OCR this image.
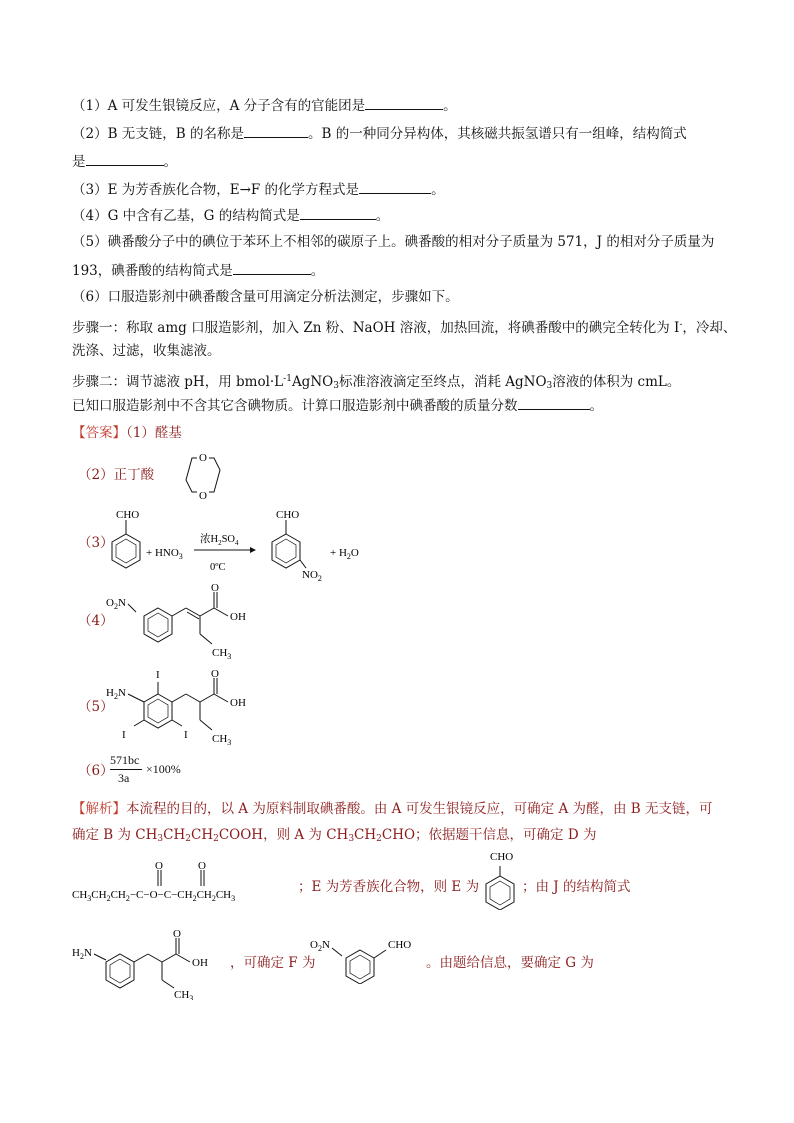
（1）A 可发生银镜反应，A 分子含有的官能团是	。
（2）B 无支链，B 的名称是	。B 的一种同分异构体，其核磁共振氢谱只有一组峰，结构简式
是	。
（3）E 为芳香族化合物，E→F 的化学方程式是	。
（4）G 中含有乙基，G 的结构简式是	。
（5）碘番酸分子中的碘位于苯环上不相邻的碳原子上。碘番酸的相对分子质量为 571，J 的相对分子质量为
193，碘番酸的结构简式是	。
（6）口服造影剂中碘番酸含量可用滴定分析法测定，步骤如下。
步骤一：称取 amg 口服造影剂，加入 Zn 粉、NaOH 溶液，加热回流，将碘番酸中的碘完全转化为 I-，冷却、
洗涤、过滤，收集滤液。
步骤二：调节滤液 pH，用 $bmol\cdot L^{-1}AgNO_3$标准溶液滴定至终点，消耗 AgNO$_3$溶液的体积为 cmL。
已知口服造影剂中不含其它含碘物质。计算口服造影剂中碘番酸的质量分数	。
【答案】（1）醛基
（2）正丁酸
O
O
（3）
CHO
+ $HNO_3$
浓$H_2SO_4$
0ºC
CHO
$NO_2$
+ $H_2O$
（4）
$O_2N$
O
OH
$CH_3$
（5）
I
$H_2N$
I	I
O
OH
$CH_3$
（6）
571bc
3a
×100%
【解析】本流程的目的，以 A 为原料制取碘番酸。由 A 可发生银镜反应，可确定 A 为醛，由 B 无支链，可
确定 B 为 $CH_3CH_2CH_2COOH$，则 A 为 $CH_3CH_2CHO$；依据题干信息，可确定 D 为
$CH_3CH_2CH_2-C-O-C-CH_2CH_2CH_3$
O	O
；E 为芳香族化合物，则 E 为
CHO
；由 J 的结构简式
$H_2N$
O
OH
$CH_3$
，可确定 F 为
$O_2N$	CHO
。由题给信息，要确定 G 为
